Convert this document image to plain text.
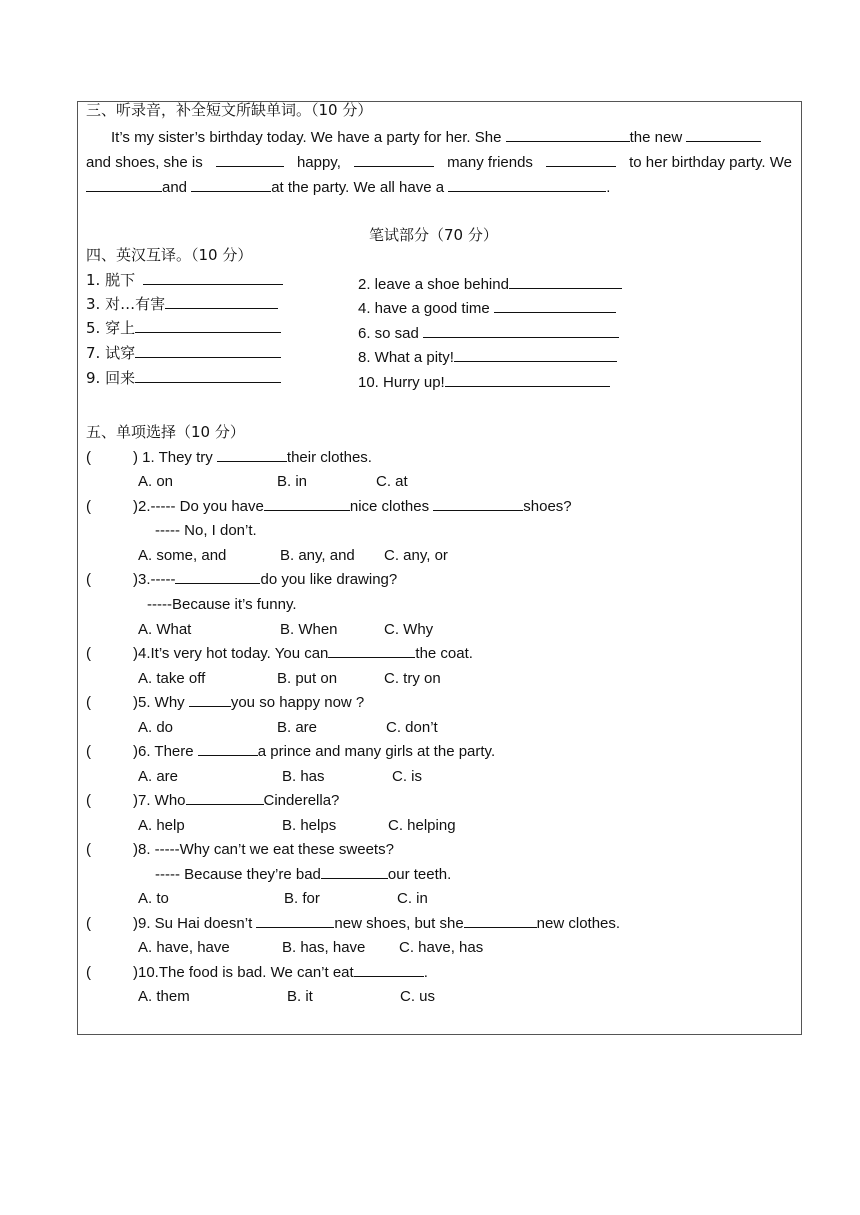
三、听录音，补全短文所缺单词。（10 分）
It’s my sister’s birthday today. We have a party for her. She	the new
and shoes, she is	happy,	many friends	to her birthday party. We
and	at the party. We all have a	.
笔试部分（70 分）
四、英汉互译。（10 分）
1. 脱下
3. 对…有害
5. 穿上
7. 试穿
9. 回来
2. leave a shoe behind
4. have a good time
6. so sad
8. What a pity!
10. Hurry up!
五、单项选择（10 分）
(	) 1. They try	their clothes.
A. on	B. in	C. at
(	)2.----- Do you have	nice clothes	shoes?
----- No, I don’t.
A. some, and	B. any, and C. any, or
(	)3.-----	do you like drawing?
-----Because it’s funny.
A. What	B. When	C. Why
(	)4.It’s very hot today. You can	the coat.
A. take off	B. put on	C. try on
(	)5. Why	you so happy now ?
A. do	B. are	C. don’t
(	)6. There	a prince and many girls at the party.
A. are	B. has	C. is
(	)7. Who	Cinderella?
A. help	B. helps	C. helping
(	)8. -----Why can’t we eat these sweets?
----- Because they’re bad	our teeth.
A. to	B. for	C. in
(	)9. Su Hai doesn’t	new shoes, but she	new clothes.
A. have, have	B. has, have C. have, has
(	)10.The food is bad. We can’t eat	.
A. them	B. it	C. us
